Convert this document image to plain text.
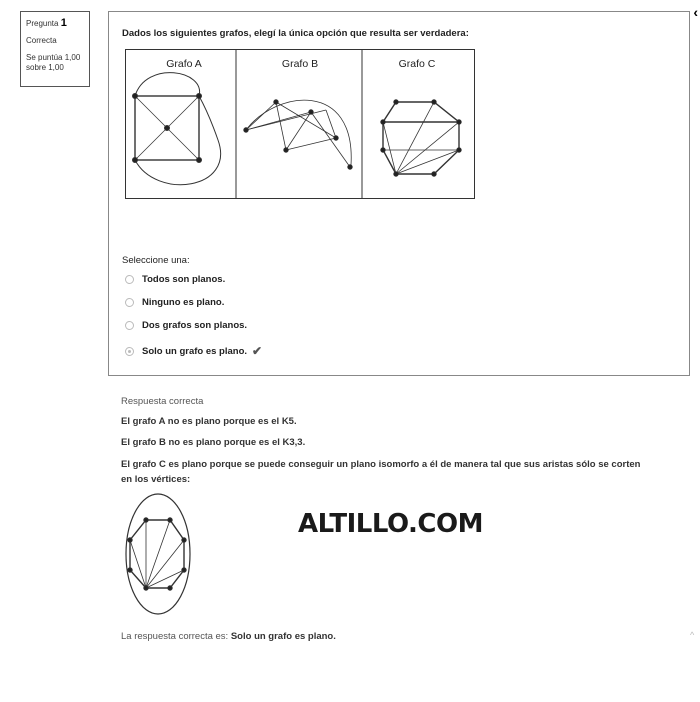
Pregunta 1
Correcta
Se puntúa 1,00
sobre 1,00
Dados los siguientes grafos, elegí la única opción que resulta ser verdadera:
Grafo A	Grafo B	Grafo C
Seleccione una:
Todos son planos.
Ninguno es plano.
Dos grafos son planos.
Solo un grafo es plano. ✔
‹
Respuesta correcta
El grafo A no es plano porque es el K5.
El grafo B no es plano porque es el K3,3.
El grafo C es plano porque se puede conseguir un plano isomorfo a él de manera tal que sus aristas sólo se corten en los vértices:
ALTILLO.COM
La respuesta correcta es: Solo un grafo es plano.	^
